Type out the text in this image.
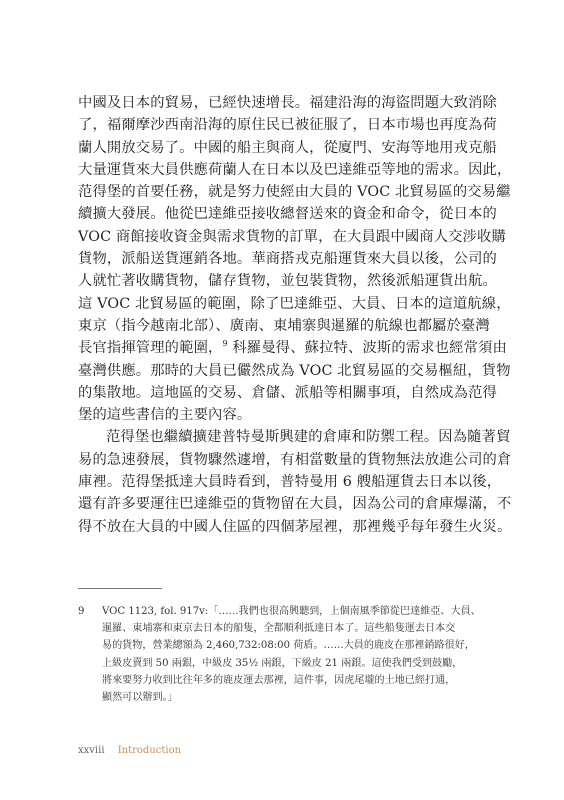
中國及日本的貿易，已經快速增長。福建沿海的海盜問題大致消除
了，福爾摩沙西南沿海的原住民已被征服了，日本市場也再度為荷
蘭人開放交易了。中國的船主與商人，從廈門、安海等地用戎克船
大量運貨來大員供應荷蘭人在日本以及巴達維亞等地的需求。因此，
范得堡的首要任務，就是努力使經由大員的 VOC 北貿易區的交易繼
續擴大發展。他從巴達維亞接收總督送來的資金和命令，從日本的
VOC 商館接收資金與需求貨物的訂單，在大員跟中國商人交涉收購
貨物，派船送貨運銷各地。華商搭戎克船運貨來大員以後，公司的
人就忙著收購貨物，儲存貨物，並包裝貨物，然後派船運貨出航。
這 VOC 北貿易區的範圍，除了巴達維亞、大員、日本的這道航線，
東京（指今越南北部）、廣南、東埔寨與暹羅的航線也都屬於臺灣
長官指揮管理的範圍，$^9$ 科羅曼得、蘇拉特、波斯的需求也經常須由
臺灣供應。那時的大員已儼然成為 VOC 北貿易區的交易樞紐，貨物
的集散地。這地區的交易、倉儲、派船等相關事項，自然成為范得
堡的這些書信的主要內容。
范得堡也繼續擴建普特曼斯興建的倉庫和防禦工程。因為隨著貿
易的急速發展，貨物驟然遽增，有相當數量的貨物無法放進公司的倉
庫裡。范得堡抵達大員時看到，普特曼用 6 艘船運貨去日本以後，
還有許多要運往巴達維亞的貨物留在大員，因為公司的倉庫爆滿，不
得不放在大員的中國人住區的四個茅屋裡，那裡幾乎每年發生火災。
9 VOC 1123, fol. 917v:「……我們也很高興聽到，上個南風季節從巴達維亞、大員、
暹羅、東埔寨和東京去日本的船隻，全都順利抵達日本了。這些船隻運去日本交
易的貨物，營業總額為 2,460,732:08:00 荷盾。……大員的鹿皮在那裡銷路很好，
上級皮賣到 50 兩銀，中級皮 35½ 兩銀，下級皮 21 兩銀。這使我們受到鼓勵，
將來要努力收到比往年多的鹿皮運去那裡，這件事，因虎尾壠的土地已經打通，
顯然可以辦到。」
xxviii Introduction
